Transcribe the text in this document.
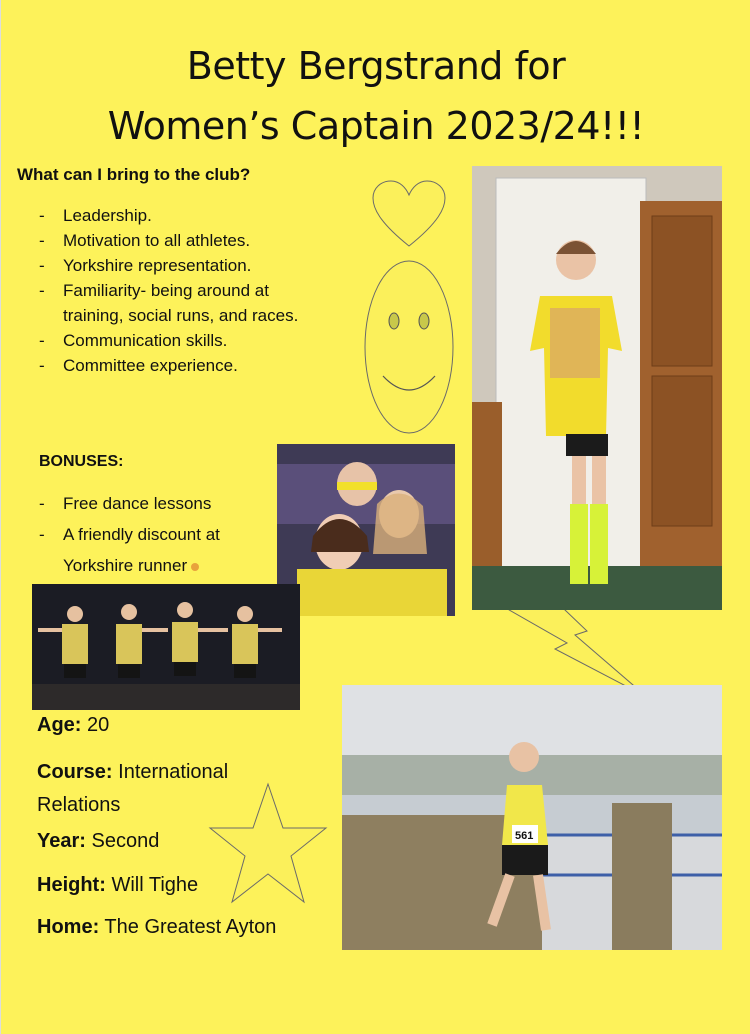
Betty Bergstrand for
Women’s Captain 2023/24!!!
What can I bring to the club?
- Leadership.
- Motivation to all athletes.
- Yorkshire representation.
- Familiarity- being around at training, social runs, and races.
- Communication skills.
- Committee experience.
BONUSES:
- Free dance lessons
- A friendly discount at Yorkshire runner
561
Age: 20
Course: International Relations
Year: Second
Height: Will Tighe
Home: The Greatest Ayton
